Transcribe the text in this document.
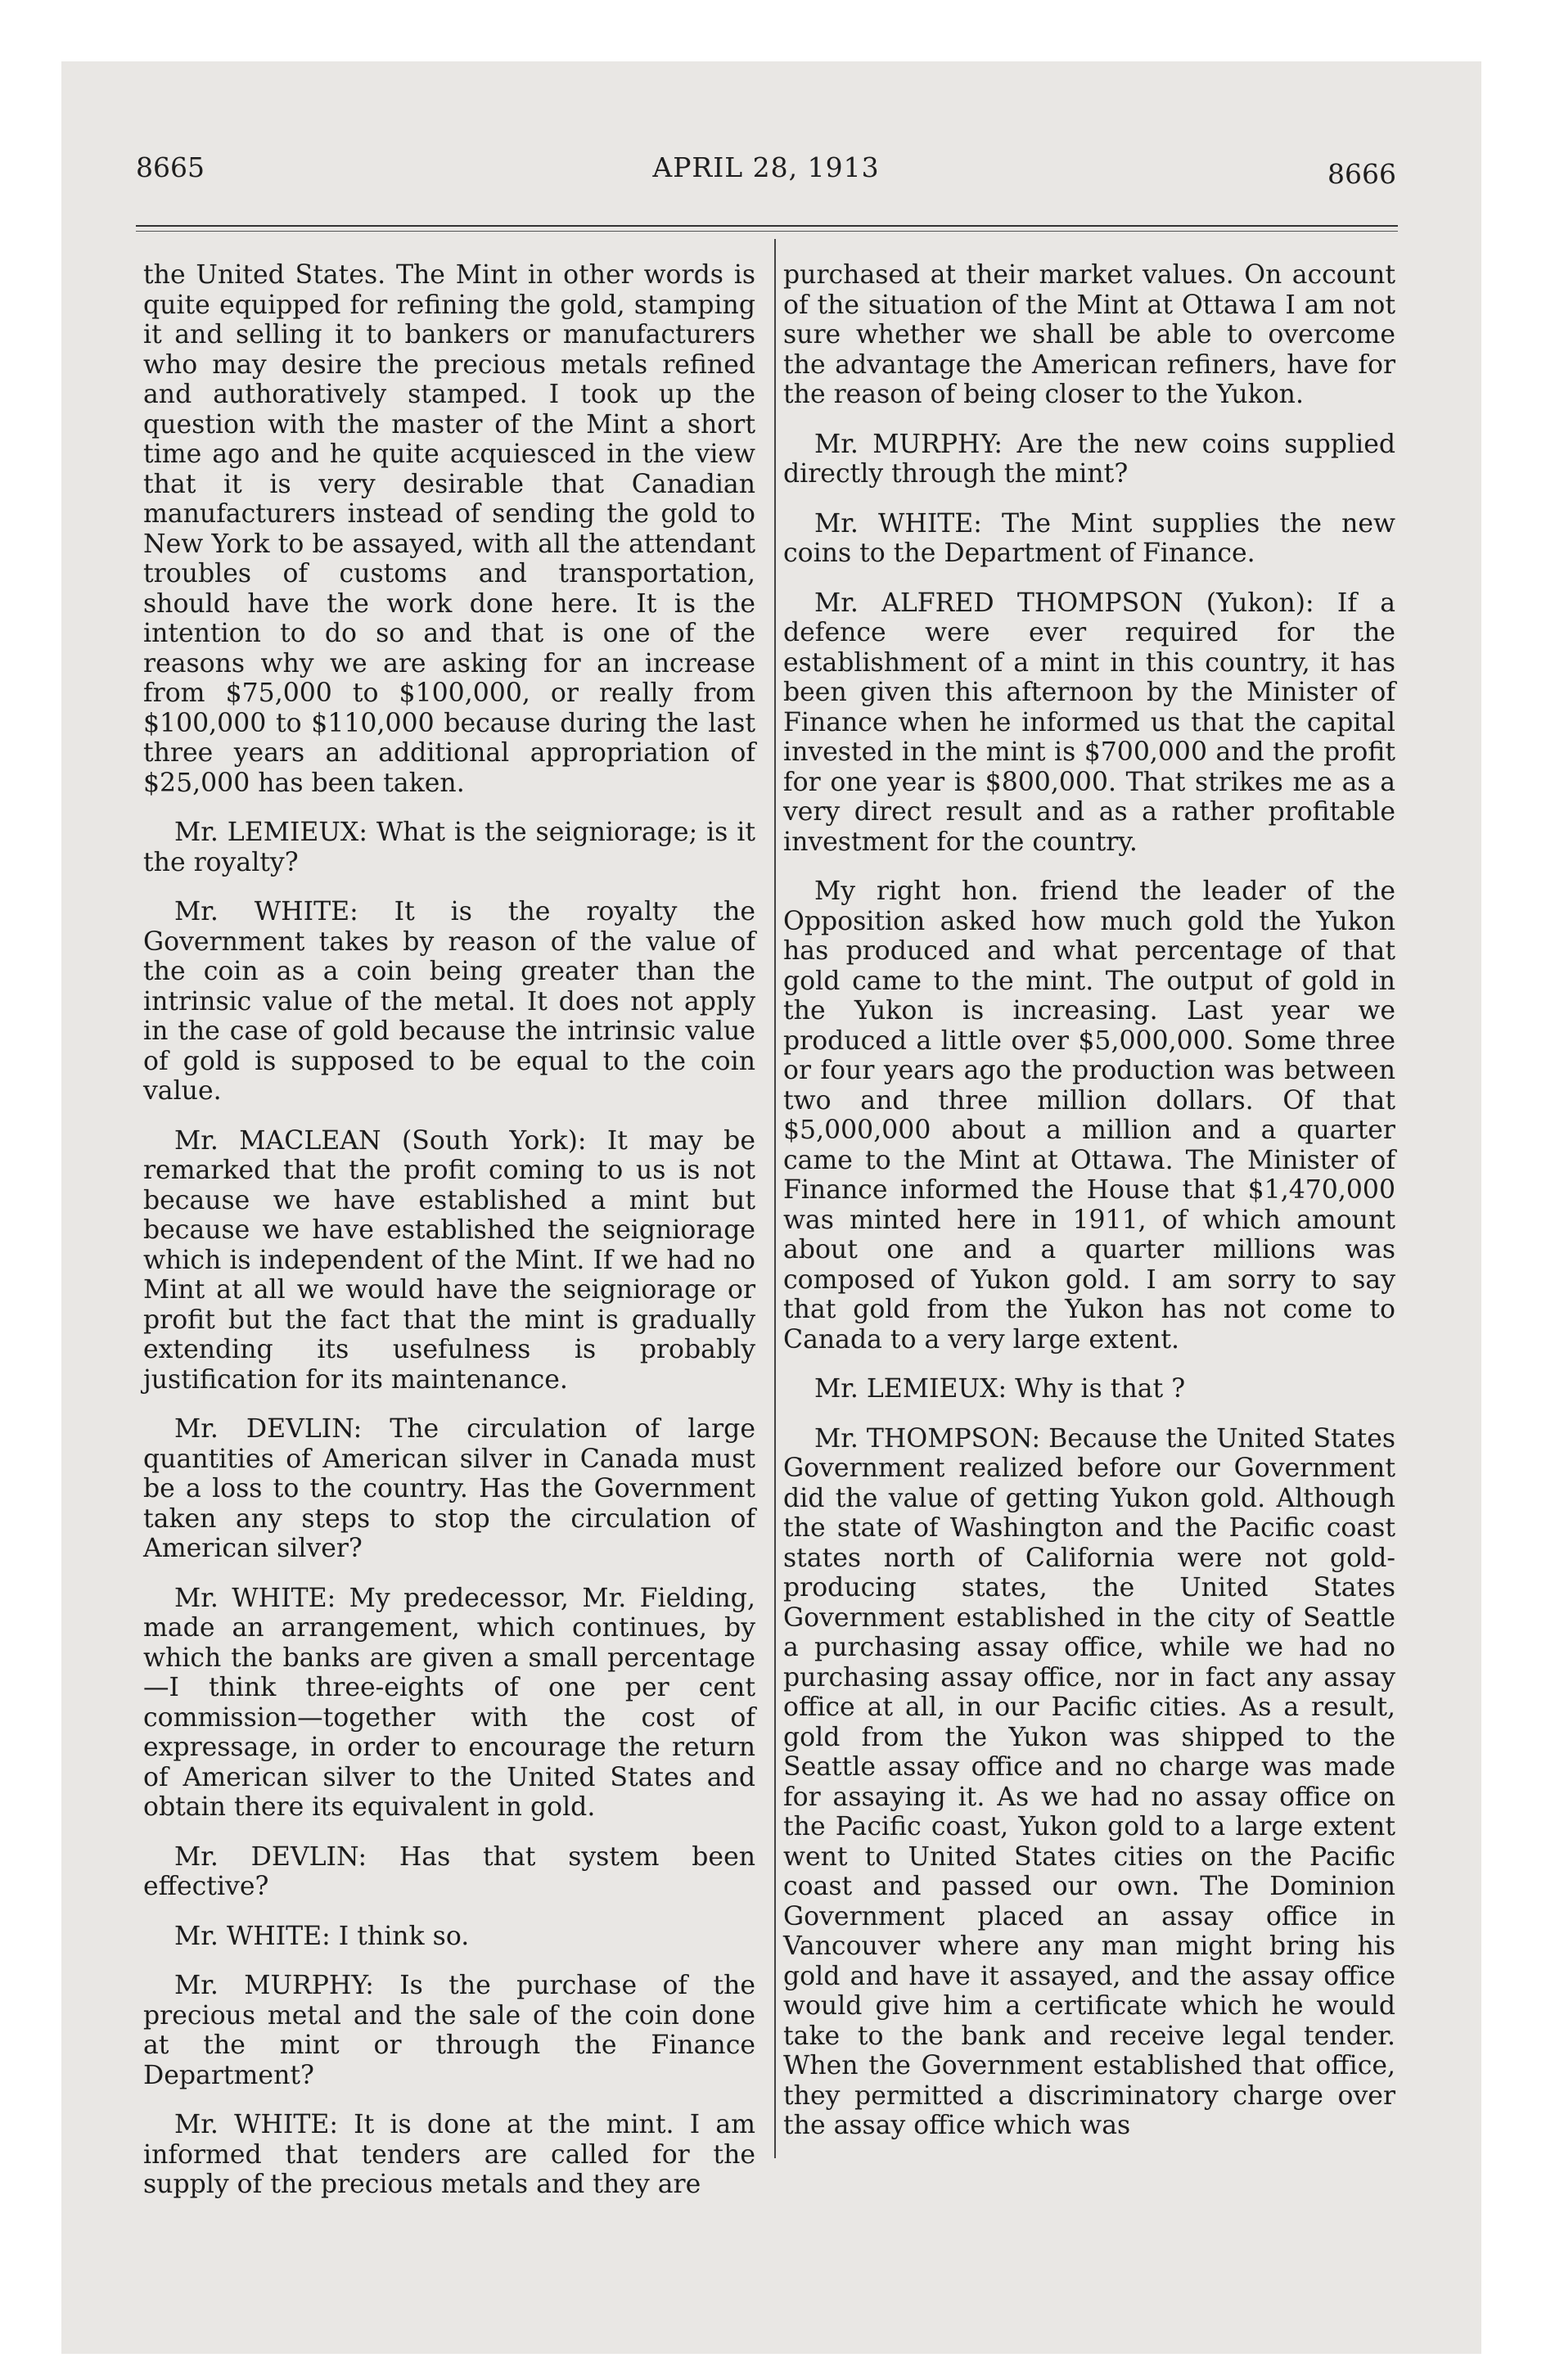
8665	APRIL 28, 1913	8666

the United States. The Mint in other words is quite equipped for refining the gold, stamping it and selling it to bankers or manufacturers who may desire the precious metals refined and authoratively stamped. I took up the question with the master of the Mint a short time ago and he quite acquiesced in the view that it is very desirable that Canadian manufacturers instead of sending the gold to New York to be assayed, with all the attendant troubles of customs and transportation, should have the work done here. It is the intention to do so and that is one of the reasons why we are asking for an increase from $75,000 to $100,000, or really from $100,000 to $110,000 because during the last three years an additional appropriation of $25,000 has been taken.

Mr. LEMIEUX: What is the seigniorage; is it the royalty?

Mr. WHITE: It is the royalty the Government takes by reason of the value of the coin as a coin being greater than the intrinsic value of the metal. It does not apply in the case of gold because the intrinsic value of gold is supposed to be equal to the coin value.

Mr. MACLEAN (South York): It may be remarked that the profit coming to us is not because we have established a mint but because we have established the seigniorage which is independent of the Mint. If we had no Mint at all we would have the seigniorage or profit but the fact that the mint is gradually extending its usefulness is probably justification for its maintenance.

Mr. DEVLIN: The circulation of large quantities of American silver in Canada must be a loss to the country. Has the Government taken any steps to stop the circulation of American silver?

Mr. WHITE: My predecessor, Mr. Fielding, made an arrangement, which continues, by which the banks are given a small percentage—I think three-eights of one per cent commission—together with the cost of expressage, in order to encourage the return of American silver to the United States and obtain there its equivalent in gold.

Mr. DEVLIN: Has that system been effective?

Mr. WHITE: I think so.

Mr. MURPHY: Is the purchase of the precious metal and the sale of the coin done at the mint or through the Finance Department?

Mr. WHITE: It is done at the mint. I am informed that tenders are called for the supply of the precious metals and they are

purchased at their market values. On account of the situation of the Mint at Ottawa I am not sure whether we shall be able to overcome the advantage the American refiners, have for the reason of being closer to the Yukon.

Mr. MURPHY: Are the new coins supplied directly through the mint?

Mr. WHITE: The Mint supplies the new coins to the Department of Finance.

Mr. ALFRED THOMPSON (Yukon): If a defence were ever required for the establishment of a mint in this country, it has been given this afternoon by the Minister of Finance when he informed us that the capital invested in the mint is $700,000 and the profit for one year is $800,000. That strikes me as a very direct result and as a rather profitable investment for the country.

My right hon. friend the leader of the Opposition asked how much gold the Yukon has produced and what percentage of that gold came to the mint. The output of gold in the Yukon is increasing. Last year we produced a little over $5,000,000. Some three or four years ago the production was between two and three million dollars. Of that $5,000,000 about a million and a quarter came to the Mint at Ottawa. The Minister of Finance informed the House that $1,470,000 was minted here in 1911, of which amount about one and a quarter millions was composed of Yukon gold. I am sorry to say that gold from the Yukon has not come to Canada to a very large extent.

Mr. LEMIEUX: Why is that ?

Mr. THOMPSON: Because the United States Government realized before our Government did the value of getting Yukon gold. Although the state of Washington and the Pacific coast states north of California were not gold-producing states, the United States Government established in the city of Seattle a purchasing assay office, while we had no purchasing assay office, nor in fact any assay office at all, in our Pacific cities. As a result, gold from the Yukon was shipped to the Seattle assay office and no charge was made for assaying it. As we had no assay office on the Pacific coast, Yukon gold to a large extent went to United States cities on the Pacific coast and passed our own. The Dominion Government placed an assay office in Vancouver where any man might bring his gold and have it assayed, and the assay office would give him a certificate which he would take to the bank and receive legal tender. When the Government established that office, they permitted a discriminatory charge over the assay office which was
